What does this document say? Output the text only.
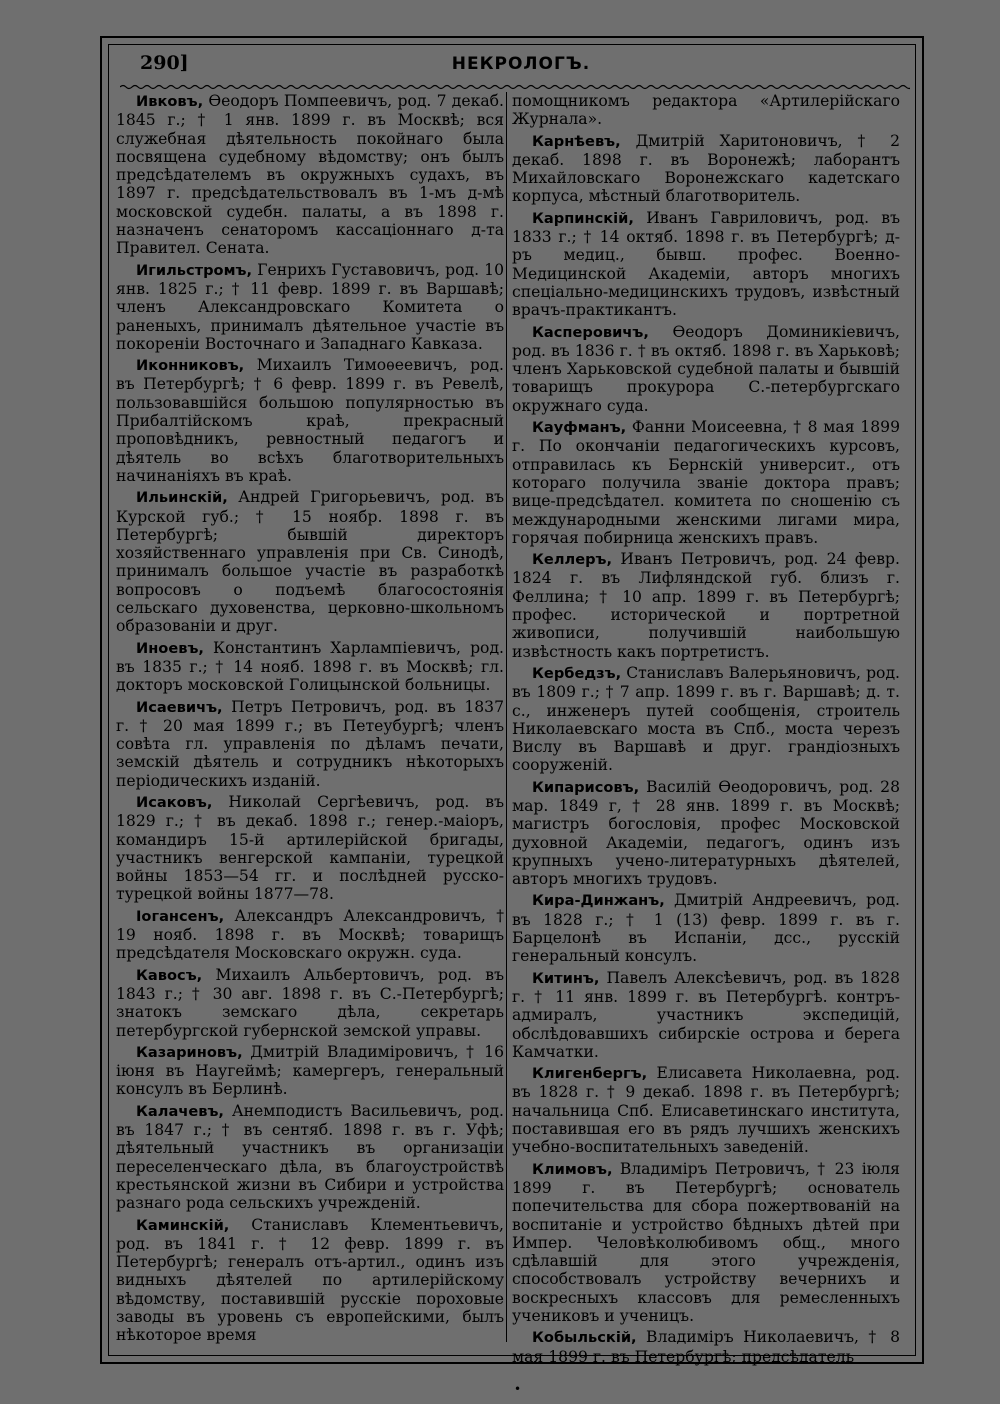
290]	НЕКРОЛОГЪ.

Ивковъ, Ѳеодоръ Помпеевичъ, род. 7 декаб. 1845 г.; † 1 янв. 1899 г. въ Москвѣ; вся служебная дѣятельность покойнаго была посвящена судебному вѣдомству; онъ былъ предсѣдателемъ въ окружныхъ судахъ, въ 1897 г. предсѣдательствовалъ въ 1-мъ д-мѣ московской судебн. палаты, а въ 1898 г. назначенъ сенаторомъ кассаціоннаго д-та Правител. Сената.

Игильстромъ, Генрихъ Густавовичъ, род. 10 янв. 1825 г.; † 11 февр. 1899 г. въ Варшавѣ; членъ Александровскаго Комитета о раненыхъ, принималъ дѣятельное участіе въ покореніи Восточнаго и Западнаго Кавказа.

Иконниковъ, Михаилъ Тимоѳеевичъ, род. въ Петербургѣ; † 6 февр. 1899 г. въ Ревелѣ, пользовавшійся большою популярностью въ Прибалтійскомъ краѣ, прекрасный проповѣдникъ, ревностный педагогъ и дѣятель во всѣхъ благотворительныхъ начинаніяхъ въ краѣ.

Ильинскій, Андрей Григорьевичъ, род. въ Курской губ.; † 15 ноябр. 1898 г. въ Петербургѣ; бывшій директоръ хозяйственнаго управленія при Св. Синодѣ, принималъ большое участіе въ разработкѣ вопросовъ о подъемѣ благосостоянія сельскаго духовенства, церковно-школьномъ образованіи и друг.

Иноевъ, Константинъ Харлампіевичъ, род. въ 1835 г.; † 14 нояб. 1898 г. въ Москвѣ; гл. докторъ московской Голицынской больницы.

Исаевичъ, Петръ Петровичъ, род. въ 1837 г. † 20 мая 1899 г.; въ Петеубургѣ; членъ совѣта гл. управленія по дѣламъ печати, земскій дѣятель и сотрудникъ нѣкоторыхъ періодическихъ изданій.

Исаковъ, Николай Сергѣевичъ, род. въ 1829 г.; † въ декаб. 1898 г.; генер.-маіоръ, командиръ 15-й артилерійской бригады, участникъ венгерской кампаніи, турецкой войны 1853—54 гг. и послѣдней русско-турецкой войны 1877—78.

Іогансенъ, Александръ Александровичъ, † 19 нояб. 1898 г. въ Москвѣ; товарищъ предсѣдателя Московскаго окружн. суда.

Кавосъ, Михаилъ Альбертовичъ, род. въ 1843 г.; † 30 авг. 1898 г. въ С.-Петербургѣ; знатокъ земскаго дѣла, секретарь петербургской губернской земской управы.

Казариновъ, Дмитрій Владиміровичъ, † 16 іюня въ Наугеймѣ; камергеръ, генеральный консулъ въ Берлинѣ.

Калачевъ, Анемподистъ Васильевичъ, род. въ 1847 г.; † въ сентяб. 1898 г. въ г. Уфѣ; дѣятельный участникъ въ организаціи переселенческаго дѣла, въ благоустройствѣ крестьянской жизни въ Сибири и устройства разнаго рода сельскихъ учрежденій.

Каминскій, Станиславъ Клементьевичъ, род. въ 1841 г. † 12 февр. 1899 г. въ Петербургѣ; генералъ отъ-артил., одинъ изъ видныхъ дѣятелей по артилерійскому вѣдомству, поставившій русскіе пороховые заводы въ уровень съ европейскими, былъ нѣкоторое время

помощникомъ редактора «Артилерійскаго Журнала».

Карнѣевъ, Дмитрій Харитоновичъ, † 2 декаб. 1898 г. въ Воронежѣ; лаборантъ Михайловскаго Воронежскаго кадетскаго корпуса, мѣстный благотворитель.

Карпинскій, Иванъ Гавриловичъ, род. въ 1833 г.; † 14 октяб. 1898 г. въ Петербургѣ; д-ръ медиц., бывш. профес. Военно-Медицинской Академіи, авторъ многихъ спеціально-медицинскихъ трудовъ, извѣстный врачъ-практикантъ.

Касперовичъ, Ѳеодоръ Доминикіевичъ, род. въ 1836 г. † въ октяб. 1898 г. въ Харьковѣ; членъ Харьковской судебной палаты и бывшій товарищъ прокурора С.-петербургскаго окружнаго суда.

Кауфманъ, Фанни Моисеевна, † 8 мая 1899 г. По окончаніи педагогическихъ курсовъ, отправилась къ Бернскій университ., отъ котораго получила званіе доктора правъ; вице-предсѣдател. комитета по сношенію съ международными женскими лигами мира, горячая побирница женскихъ правъ.

Келлеръ, Иванъ Петровичъ, род. 24 февр. 1824 г. въ Лифляндской губ. близъ г. Феллина; † 10 апр. 1899 г. въ Петербургѣ; профес. исторической и портретной живописи, получившій наибольшую извѣстность какъ портретистъ.

Кербедзъ, Станиславъ Валерьяновичъ, род. въ 1809 г.; † 7 апр. 1899 г. въ г. Варшавѣ; д. т. с., инженеръ путей сообщенія, строитель Николаевскаго моста въ Спб., моста черезъ Вислу въ Варшавѣ и друг. грандіозныхъ сооруженій.

Кипарисовъ, Василій Ѳеодоровичъ, род. 28 мар. 1849 г, † 28 янв. 1899 г. въ Москвѣ; магистръ богословія, профес Московской духовной Академіи, педагогъ, одинъ изъ крупныхъ учено-литературныхъ дѣятелей, авторъ многихъ трудовъ.

Кира-Динжанъ, Дмитрій Андреевичъ, род. въ 1828 г.; † 1 (13) февр. 1899 г. въ г. Барцелонѣ въ Испаніи, дсс., русскій генеральный консулъ.

Китинъ, Павелъ Алексѣевичъ, род. въ 1828 г. † 11 янв. 1899 г. въ Петербургѣ. контръ-адмиралъ, участникъ экспедицій, обслѣдовавшихъ сибирскіе острова и берега Камчатки.

Клигенбергъ, Елисавета Николаевна, род. въ 1828 г. † 9 декаб. 1898 г. въ Петербургѣ; начальница Спб. Елисаветинскаго института, поставившая его въ рядъ лучшихъ женскихъ учебно-воспитательныхъ заведеній.

Климовъ, Владиміръ Петровичъ, † 23 іюля 1899 г. въ Петербургѣ; основатель попечительства для сбора пожертвованій на воспитаніе и устройство бѣдныхъ дѣтей при Импер. Человѣколюбивомъ общ., много сдѣлавшій для этого учрежденія, способствовалъ устройству вечернихъ и воскресныхъ классовъ для ремесленныхъ учениковъ и ученицъ.

Кобыльскій, Владиміръ Николаевичъ, † 8 мая 1899 г. въ Петербургѣ; предсѣдатель

•
